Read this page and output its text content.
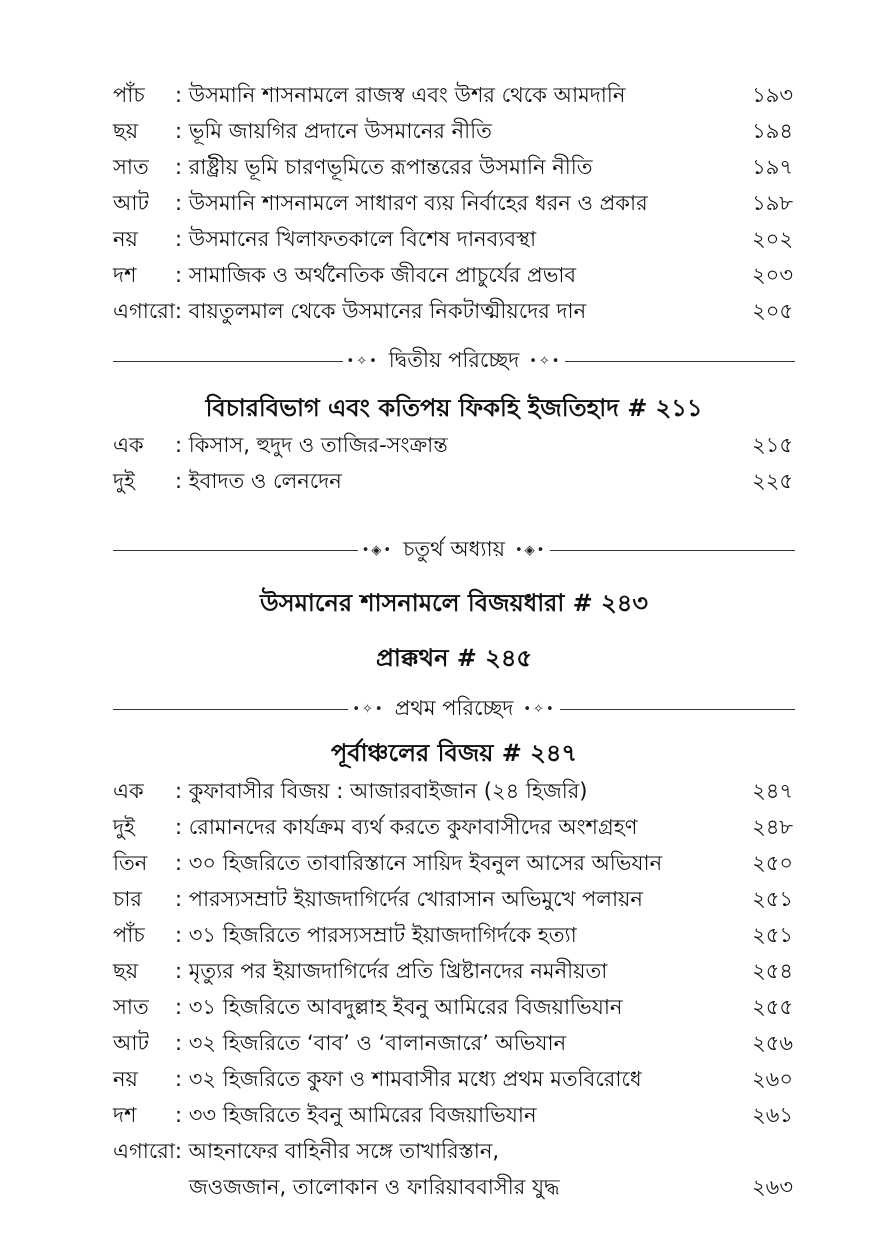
পাঁচ	: উসমানি শাসনামলে রাজস্ব এবং উশর থেকে আমদানি	১৯৩
ছয়	: ভূমি জায়গির প্রদানে উসমানের নীতি	১৯৪
সাত	: রাষ্ট্রীয় ভূমি চারণভূমিতে রূপান্তরের উসমানি নীতি	১৯৭
আট	: উসমানি শাসনামলে সাধারণ ব্যয় নির্বাহের ধরন ও প্রকার	১৯৮
নয়	: উসমানের খিলাফতকালে বিশেষ দানব্যবস্থা	২০২
দশ	: সামাজিক ও অর্থনৈতিক জীবনে প্রাচুর্যের প্রভাব	২০৩
এগারো : বায়তুলমাল থেকে উসমানের নিকটাত্মীয়দের দান	২০৫
•✧• দ্বিতীয় পরিচ্ছেদ •✧•
বিচারবিভাগ এবং কতিপয় ফিকহি ইজতিহাদ # ২১১
এক	: কিসাস, হুদুদ ও তাজির-সংক্রান্ত	২১৫
দুই	: ইবাদত ও লেনদেন	২২৫
•◈• চতুর্থ অধ্যায় •◈•
উসমানের শাসনামলে বিজয়ধারা # ২৪৩
প্রাক্কথন # ২৪৫
•✧• প্রথম পরিচ্ছেদ •✧•
পূর্বাঞ্চলের বিজয় # ২৪৭
এক	: কুফাবাসীর বিজয় : আজারবাইজান (২৪ হিজরি)	২৪৭
দুই	: রোমানদের কার্যক্রম ব্যর্থ করতে কুফাবাসীদের অংশগ্রহণ	২৪৮
তিন	: ৩০ হিজরিতে তাবারিস্তানে সায়িদ ইবনুল আসের অভিযান	২৫০
চার	: পারস্যসম্রাট ইয়াজদাগির্দের খোরাসান অভিমুখে পলায়ন	২৫১
পাঁচ	: ৩১ হিজরিতে পারস্যসম্রাট ইয়াজদাগির্দকে হত্যা	২৫১
ছয়	: মৃত্যুর পর ইয়াজদাগির্দের প্রতি খ্রিষ্টানদের নমনীয়তা	২৫৪
সাত	: ৩১ হিজরিতে আবদুল্লাহ ইবনু আমিরের বিজয়াভিযান	২৫৫
আট	: ৩২ হিজরিতে ‘বাব’ ও ‘বালানজারে’ অভিযান	২৫৬
নয়	: ৩২ হিজরিতে কুফা ও শামবাসীর মধ্যে প্রথম মতবিরোধে	২৬০
দশ	: ৩৩ হিজরিতে ইবনু আমিরের বিজয়াভিযান	২৬১
এগারো : আহনাফের বাহিনীর সঙ্গে তাখারিস্তান,
জওজজান, তালোকান ও ফারিয়াববাসীর যুদ্ধ	২৬৩
